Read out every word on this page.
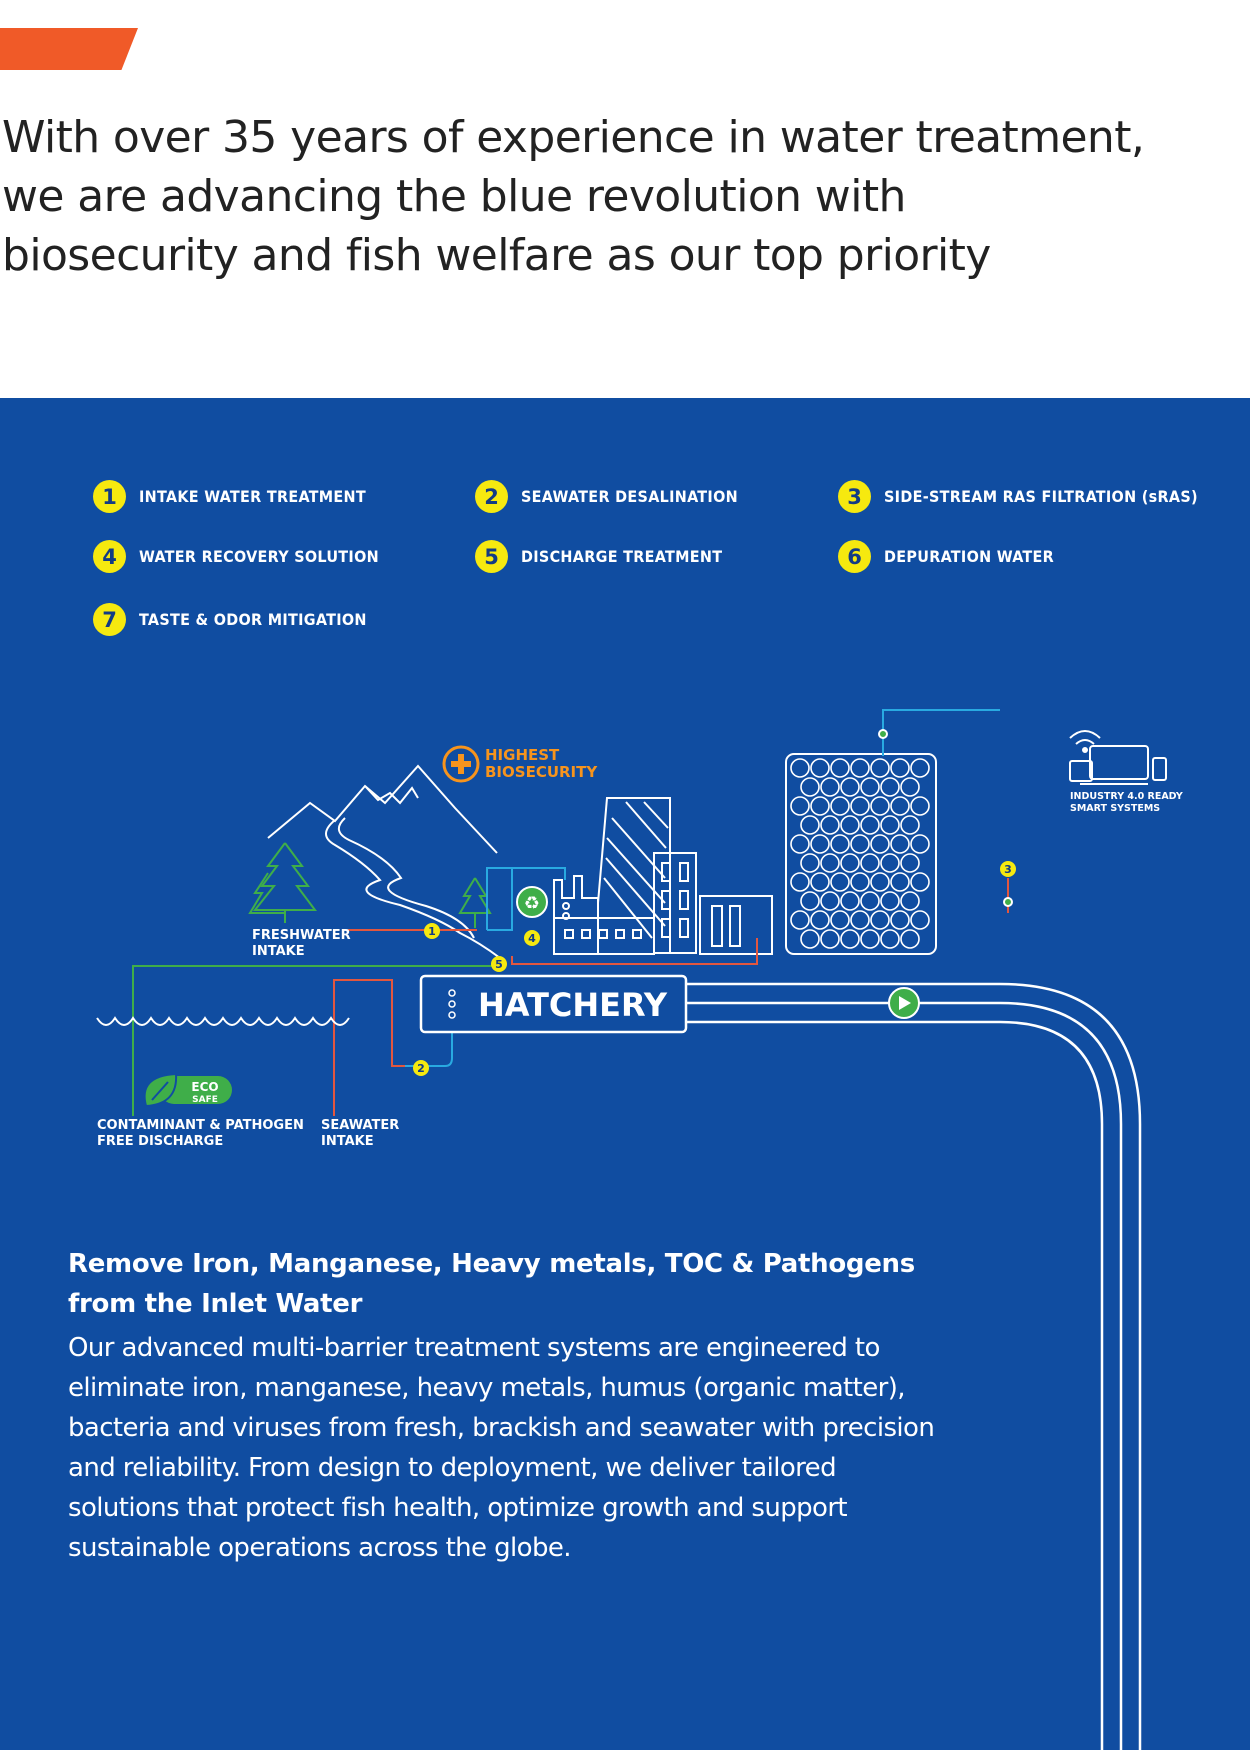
With over 35 years of experience in water treatment,
we are advancing the blue revolution with
biosecurity and fish welfare as our top priority
1	INTAKE WATER TREATMENT	2	SEAWATER DESALINATION	3	SIDE-STREAM RAS FILTRATION (sRAS)
4	WATER RECOVERY SOLUTION	5	DISCHARGE TREATMENT	6	DEPURATION WATER
7	TASTE & ODOR MITIGATION
HIGHEST
BIOSECURITY
♻
INDUSTRY 4.0 READY
SMART SYSTEMS
FRESHWATER
INTAKE
HATCHERY
1
2
3
4
5
ECO
SAFE
CONTAMINANT & PATHOGEN
FREE DISCHARGE
SEAWATER
INTAKE
Remove Iron, Manganese, Heavy metals, TOC & Pathogens
from the Inlet Water

Our advanced multi-barrier treatment systems are engineered to
eliminate iron, manganese, heavy metals, humus (organic matter),
bacteria and viruses from fresh, brackish and seawater with precision
and reliability. From design to deployment, we deliver tailored
solutions that protect fish health, optimize growth and support
sustainable operations across the globe.
